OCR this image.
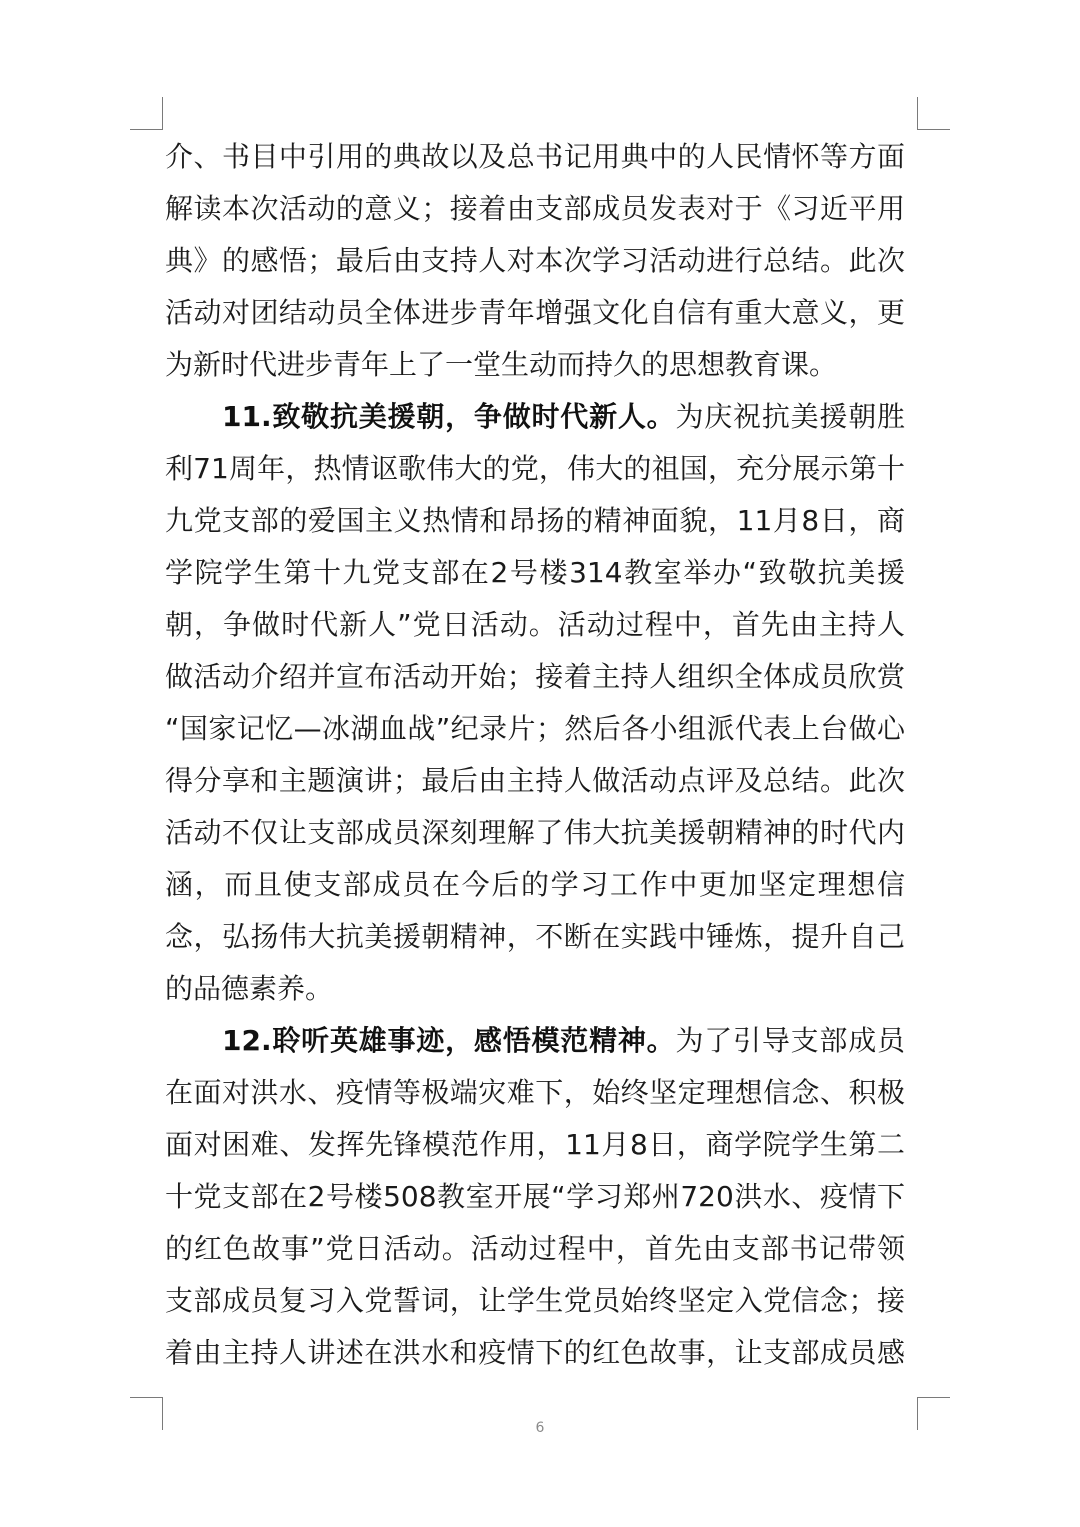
介、书目中引用的典故以及总书记用典中的人民情怀等方面
解读本次活动的意义；接着由支部成员发表对于《习近平用
典》的感悟；最后由支持人对本次学习活动进行总结。此次
活动对团结动员全体进步青年增强文化自信有重大意义，更
为新时代进步青年上了一堂生动而持久的思想教育课。
11.致敬抗美援朝，争做时代新人。为庆祝抗美援朝胜
利71周年，热情讴歌伟大的党，伟大的祖国，充分展示第十
九党支部的爱国主义热情和昂扬的精神面貌，11月8日，商
学院学生第十九党支部在2号楼314教室举办“致敬抗美援
朝，争做时代新人”党日活动。活动过程中，首先由主持人
做活动介绍并宣布活动开始；接着主持人组织全体成员欣赏
“国家记忆—冰湖血战”纪录片；然后各小组派代表上台做心
得分享和主题演讲；最后由主持人做活动点评及总结。此次
活动不仅让支部成员深刻理解了伟大抗美援朝精神的时代内
涵，而且使支部成员在今后的学习工作中更加坚定理想信
念，弘扬伟大抗美援朝精神，不断在实践中锤炼，提升自己
的品德素养。
12.聆听英雄事迹，感悟模范精神。为了引导支部成员
在面对洪水、疫情等极端灾难下，始终坚定理想信念、积极
面对困难、发挥先锋模范作用，11月8日，商学院学生第二
十党支部在2号楼508教室开展“学习郑州720洪水、疫情下
的红色故事”党日活动。活动过程中，首先由支部书记带领
支部成员复习入党誓词，让学生党员始终坚定入党信念；接
着由主持人讲述在洪水和疫情下的红色故事，让支部成员感
6
